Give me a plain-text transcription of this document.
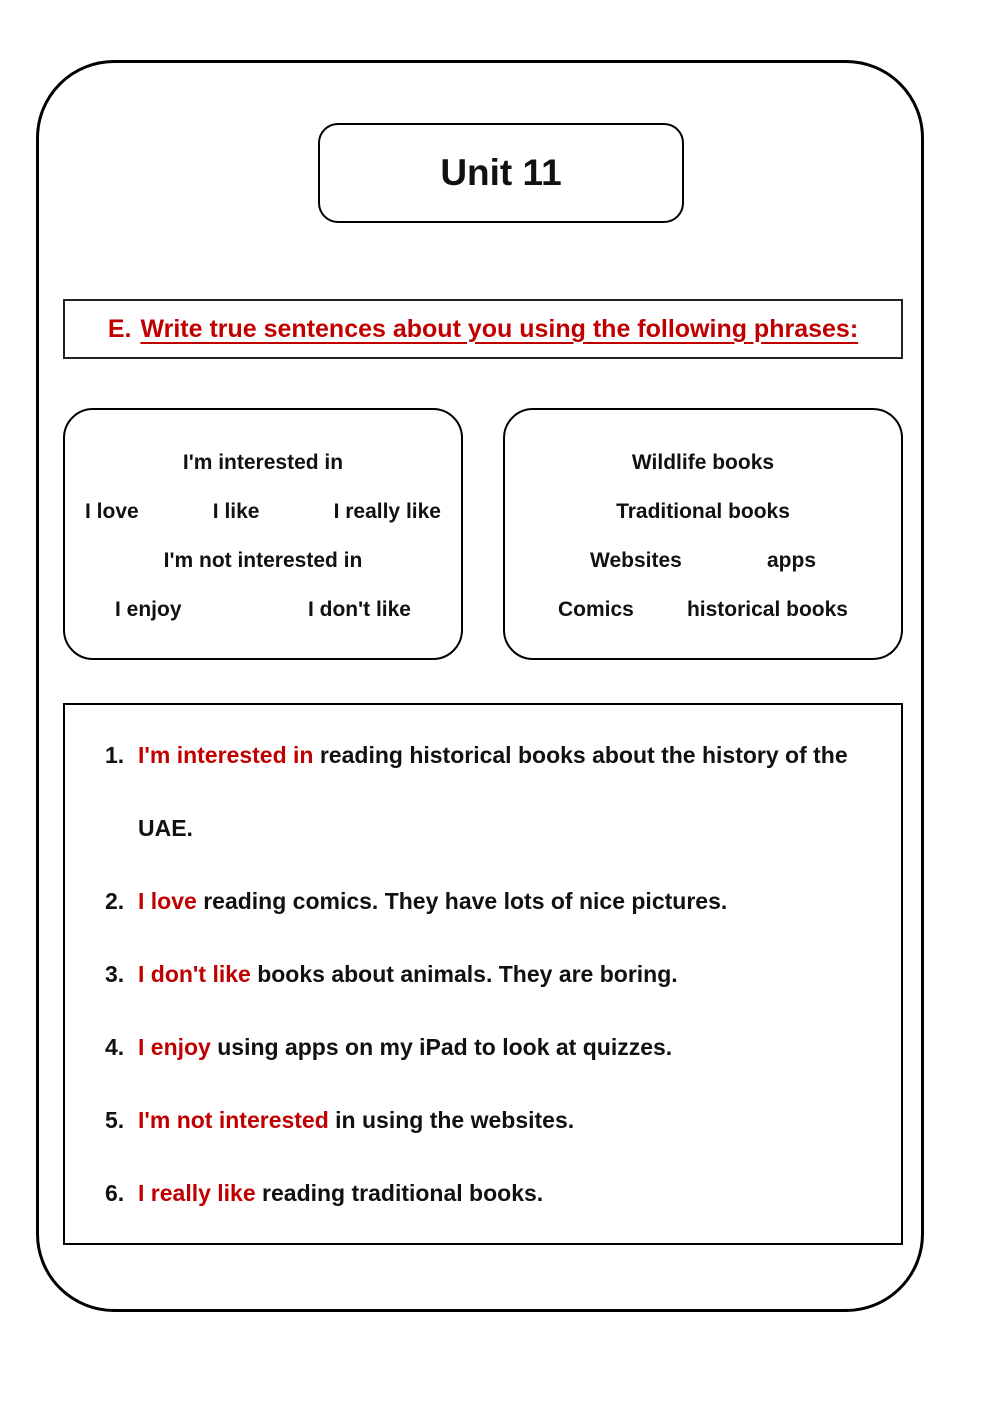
Unit 11
E. Write true sentences about you using the following phrases:
I'm interested in
I love	I like	I really like
I'm not interested in
I enjoy	I don't like
Wildlife books
Traditional books
Websites	apps
Comics	historical books
1. I'm interested in reading historical books about the history of the UAE.
2. I love reading comics. They have lots of nice pictures.
3. I don't like books about animals. They are boring.
4. I enjoy using apps on my iPad to look at quizzes.
5. I'm not interested in using the websites.
6. I really like reading traditional books.
